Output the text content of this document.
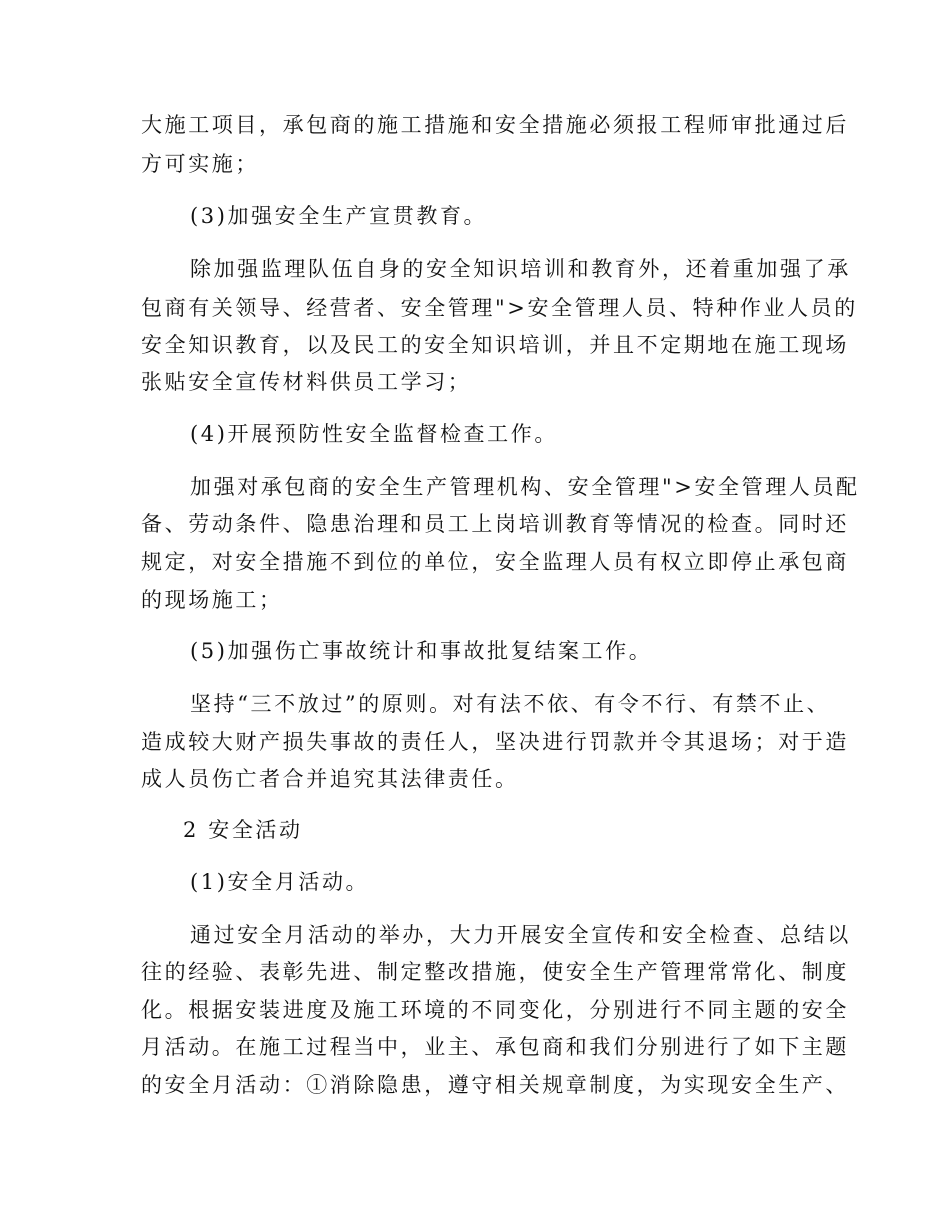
大施工项目，承包商的施工措施和安全措施必须报工程师审批通过后
方可实施；
(3)加强安全生产宣贯教育。
除加强监理队伍自身的安全知识培训和教育外，还着重加强了承
包商有关领导、经营者、安全管理">安全管理人员、特种作业人员的
安全知识教育，以及民工的安全知识培训，并且不定期地在施工现场
张贴安全宣传材料供员工学习；
(4)开展预防性安全监督检查工作。
加强对承包商的安全生产管理机构、安全管理">安全管理人员配
备、劳动条件、隐患治理和员工上岗培训教育等情况的检查。同时还
规定，对安全措施不到位的单位，安全监理人员有权立即停止承包商
的现场施工；
(5)加强伤亡事故统计和事故批复结案工作。
坚持“三不放过”的原则。对有法不依、有令不行、有禁不止、
造成较大财产损失事故的责任人，坚决进行罚款并令其退场；对于造
成人员伤亡者合并追究其法律责任。
2 安全活动
(1)安全月活动。
通过安全月活动的举办，大力开展安全宣传和安全检查、总结以
往的经验、表彰先进、制定整改措施，使安全生产管理常常化、制度
化。根据安装进度及施工环境的不同变化，分别进行不同主题的安全
月活动。在施工过程当中，业主、承包商和我们分别进行了如下主题
的安全月活动：①消除隐患，遵守相关规章制度，为实现安全生产、
